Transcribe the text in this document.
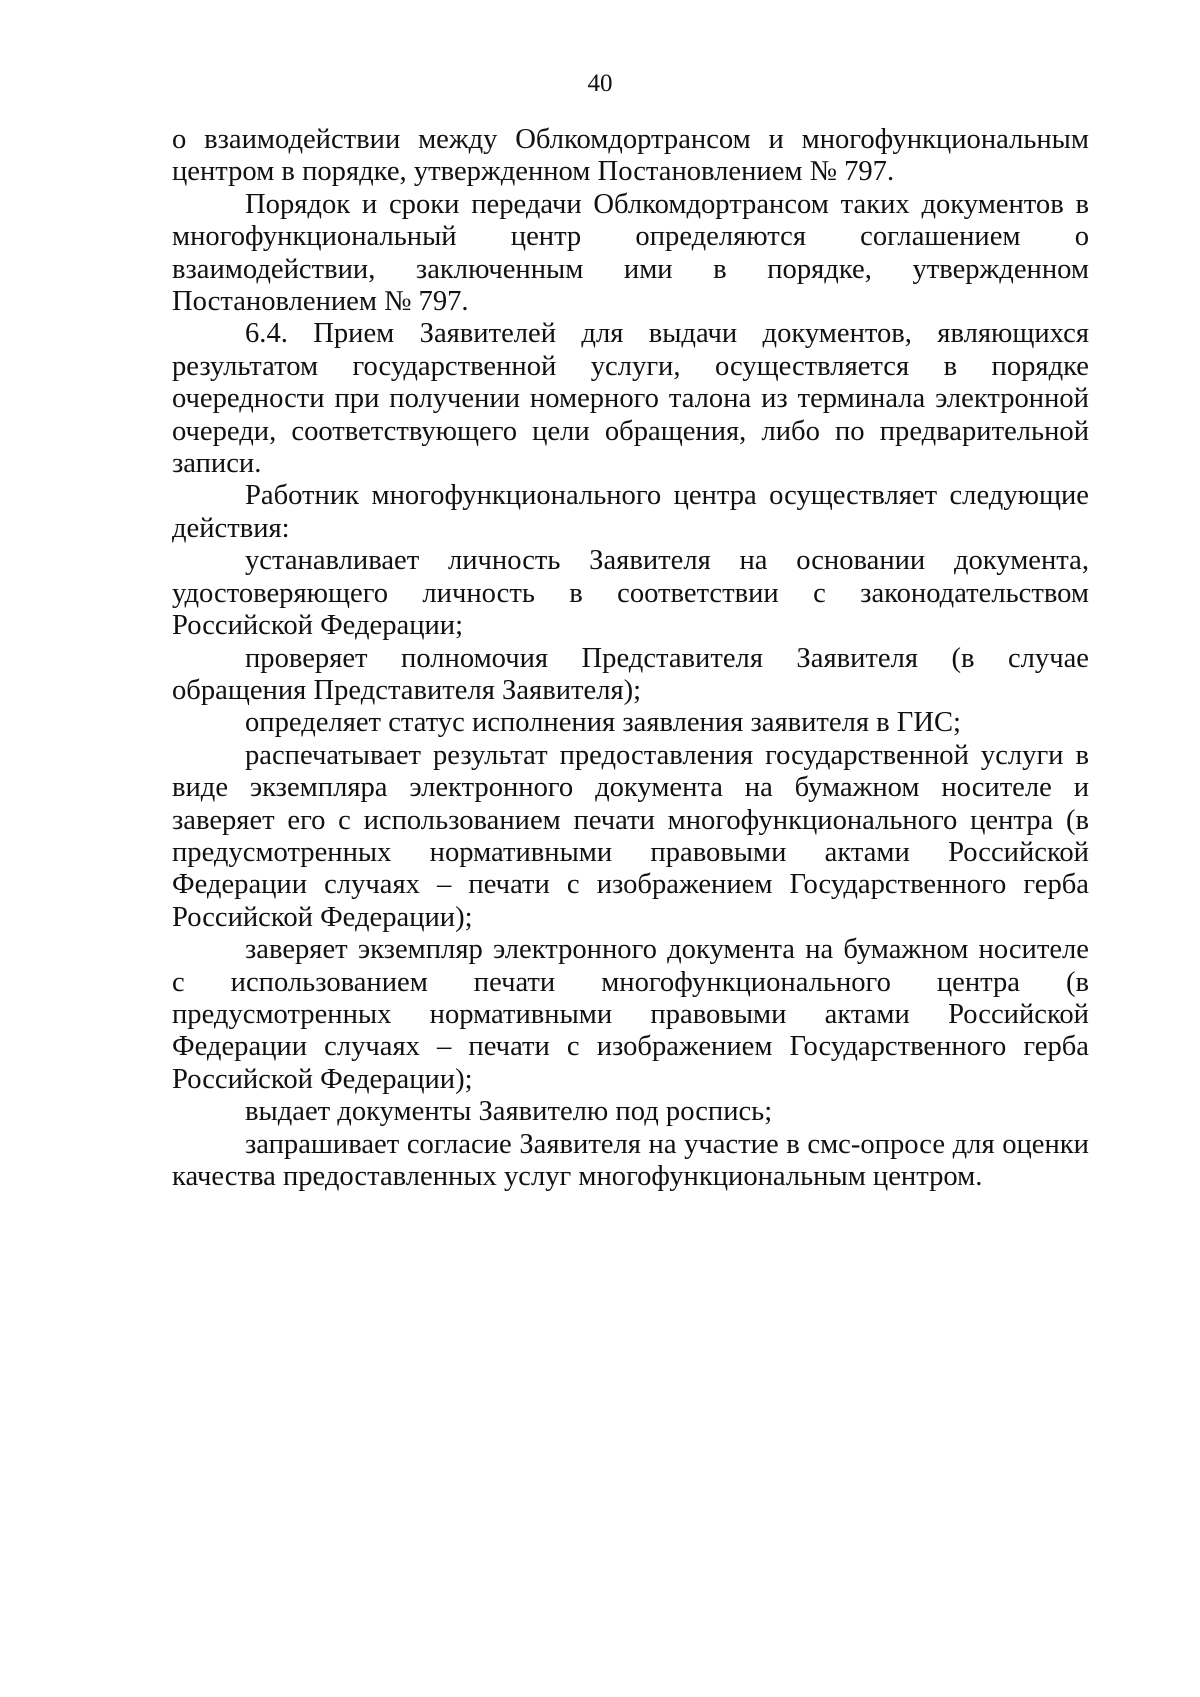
40

о взаимодействии между Облкомдортрансом и многофункциональным центром в порядке, утвержденном Постановлением № 797.

Порядок и сроки передачи Облкомдортрансом таких документов в многофункциональный центр определяются соглашением о взаимодействии, заключенным ими в порядке, утвержденном Постановлением № 797.

6.4. Прием Заявителей для выдачи документов, являющихся результатом государственной услуги, осуществляется в порядке очередности при получении номерного талона из терминала электронной очереди, соответствующего цели обращения, либо по предварительной записи.

Работник многофункционального центра осуществляет следующие действия:

устанавливает личность Заявителя на основании документа, удостоверяющего личность в соответствии с законодательством Российской Федерации;

проверяет полномочия Представителя Заявителя (в случае обращения Представителя Заявителя);

определяет статус исполнения заявления заявителя в ГИС;

распечатывает результат предоставления государственной услуги в виде экземпляра электронного документа на бумажном носителе и заверяет его с использованием печати многофункционального центра (в предусмотренных нормативными правовыми актами Российской Федерации случаях – печати с изображением Государственного герба Российской Федерации);

заверяет экземпляр электронного документа на бумажном носителе с использованием печати многофункционального центра (в предусмотренных нормативными правовыми актами Российской Федерации случаях – печати с изображением Государственного герба Российской Федерации);

выдает документы Заявителю под роспись;

запрашивает согласие Заявителя на участие в смс-опросе для оценки качества предоставленных услуг многофункциональным центром.
